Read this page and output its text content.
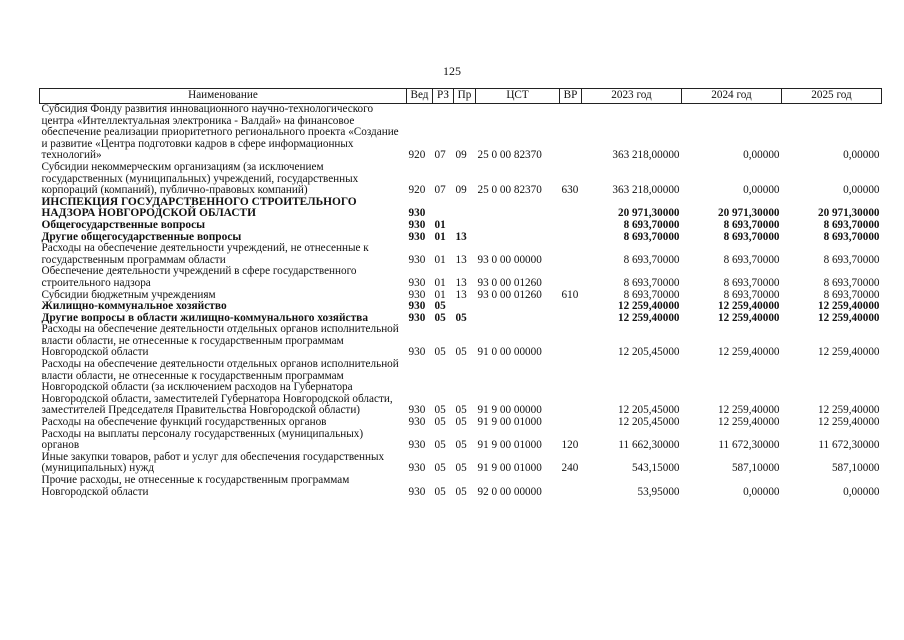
125
Наименование	Вед	РЗ	Пр	ЦСТ	ВР	2023 год	2024 год	2025 год
Субсидия Фонду развития инновационного научно-технологического центра «Интеллектуальная электроника - Валдай» на финансовое обеспечение реализации приоритетного регионального проекта «Создание и развитие «Центра подготовки кадров в сфере информационных технологий»	920	07	09	25 0 00 82370		363 218,00000	0,00000	0,00000
Субсидии некоммерческим организациям (за исключением государственных (муниципальных) учреждений, государственных корпораций (компаний), публично-правовых компаний)	920	07	09	25 0 00 82370	630	363 218,00000	0,00000	0,00000
ИНСПЕКЦИЯ ГОСУДАРСТВЕННОГО СТРОИТЕЛЬНОГО НАДЗОРА НОВГОРОДСКОЙ ОБЛАСТИ	930					20 971,30000	20 971,30000	20 971,30000
Общегосударственные вопросы	930	01				8 693,70000	8 693,70000	8 693,70000
Другие общегосударственные вопросы	930	01	13			8 693,70000	8 693,70000	8 693,70000
Расходы на обеспечение деятельности учреждений, не отнесенные к государственным программам области	930	01	13	93 0 00 00000		8 693,70000	8 693,70000	8 693,70000
Обеспечение деятельности учреждений в сфере государственного строительного надзора	930	01	13	93 0 00 01260		8 693,70000	8 693,70000	8 693,70000
Субсидии бюджетным учреждениям	930	01	13	93 0 00 01260	610	8 693,70000	8 693,70000	8 693,70000
Жилищно-коммунальное хозяйство	930	05				12 259,40000	12 259,40000	12 259,40000
Другие вопросы в области жилищно-коммунального хозяйства	930	05	05			12 259,40000	12 259,40000	12 259,40000
Расходы на обеспечение деятельности отдельных органов исполнительной власти области, не отнесенные к государственным программам Новгородской области	930	05	05	91 0 00 00000		12 205,45000	12 259,40000	12 259,40000
Расходы на обеспечение деятельности отдельных органов исполнительной власти области, не отнесенные к государственным программам Новгородской области (за исключением расходов на Губернатора Новгородской области, заместителей Губернатора Новгородской области, заместителей Председателя Правительства Новгородской области)	930	05	05	91 9 00 00000		12 205,45000	12 259,40000	12 259,40000
Расходы на обеспечение функций государственных органов	930	05	05	91 9 00 01000		12 205,45000	12 259,40000	12 259,40000
Расходы на выплаты персоналу государственных (муниципальных) органов	930	05	05	91 9 00 01000	120	11 662,30000	11 672,30000	11 672,30000
Иные закупки товаров, работ и услуг для обеспечения государственных (муниципальных) нужд	930	05	05	91 9 00 01000	240	543,15000	587,10000	587,10000
Прочие расходы, не отнесенные к государственным программам Новгородской области	930	05	05	92 0 00 00000		53,95000	0,00000	0,00000
